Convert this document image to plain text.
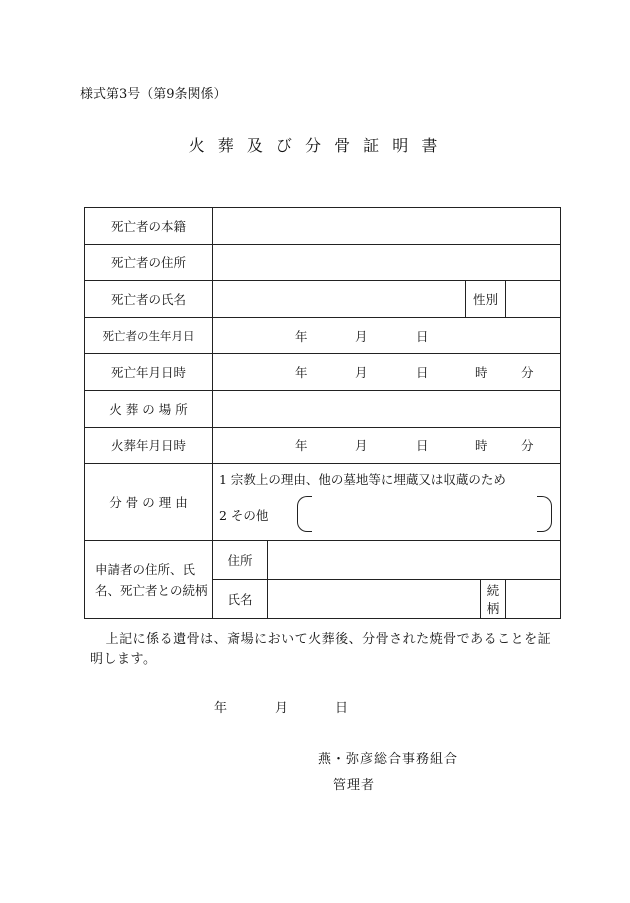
様式第3号（第9条関係）
火 葬 及 び 分 骨 証 明 書
死亡者の本籍					
死亡者の住所					
死亡者の氏名			性別		
死亡者の生年月日	年 月 日				

死亡年月日時	年 月 日 時 分				

火 葬 の 場 所					
火葬年月日時	年 月 日 時 分				

分 骨 の 理 由	1 宗教上の理由、他の墓地等に埋蔵又は収蔵のため
2 その他				

申請者の住所、氏名、死亡者との続柄	住所				
	氏名			続柄	
上記に係る遺骨は、斎場において火葬後、分骨された焼骨であることを証明します。
年	月	日
燕・弥彦総合事務組合
管理者
